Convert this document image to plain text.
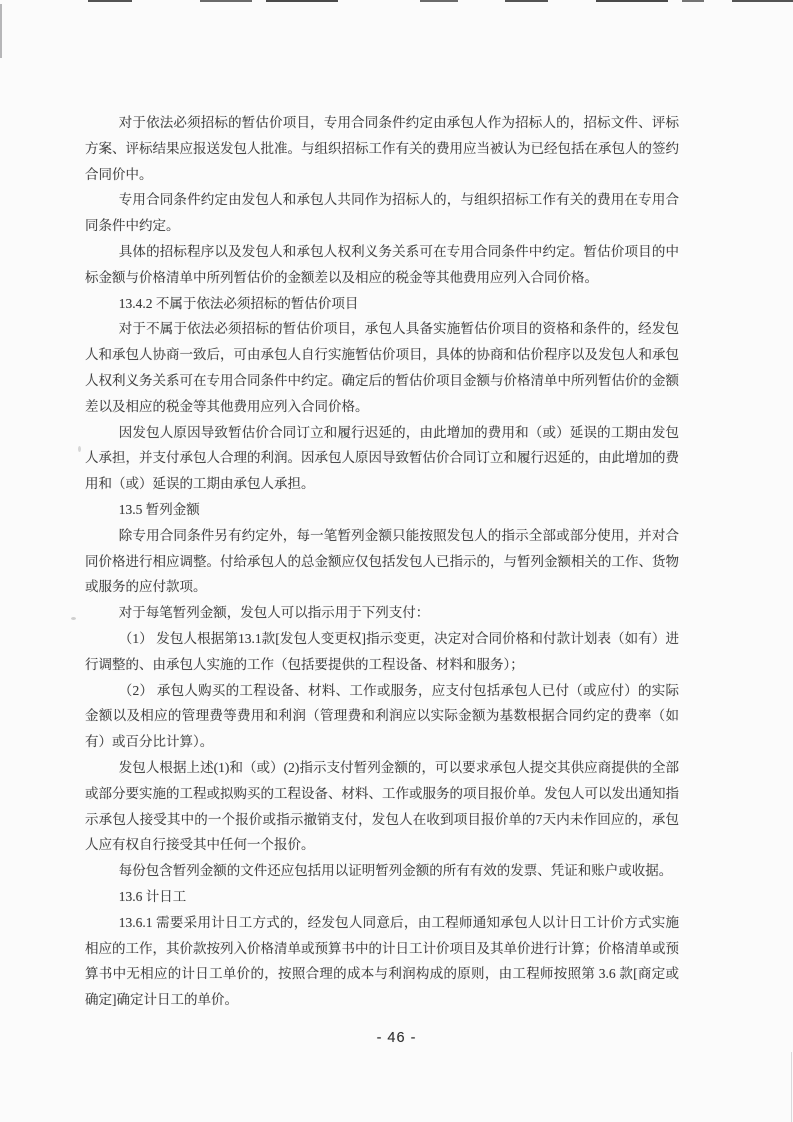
对于依法必须招标的暂估价项目，专用合同条件约定由承包人作为招标人的，招标文件、评标方案、评标结果应报送发包人批准。与组织招标工作有关的费用应当被认为已经包括在承包人的签约合同价中。

专用合同条件约定由发包人和承包人共同作为招标人的，与组织招标工作有关的费用在专用合同条件中约定。

具体的招标程序以及发包人和承包人权利义务关系可在专用合同条件中约定。暂估价项目的中标金额与价格清单中所列暂估价的金额差以及相应的税金等其他费用应列入合同价格。

13.4.2 不属于依法必须招标的暂估价项目

对于不属于依法必须招标的暂估价项目，承包人具备实施暂估价项目的资格和条件的，经发包人和承包人协商一致后，可由承包人自行实施暂估价项目，具体的协商和估价程序以及发包人和承包人权利义务关系可在专用合同条件中约定。确定后的暂估价项目金额与价格清单中所列暂估价的金额差以及相应的税金等其他费用应列入合同价格。

因发包人原因导致暂估价合同订立和履行迟延的，由此增加的费用和（或）延误的工期由发包人承担，并支付承包人合理的利润。因承包人原因导致暂估价合同订立和履行迟延的，由此增加的费用和（或）延误的工期由承包人承担。

13.5 暂列金额

除专用合同条件另有约定外，每一笔暂列金额只能按照发包人的指示全部或部分使用，并对合同价格进行相应调整。付给承包人的总金额应仅包括发包人已指示的，与暂列金额相关的工作、货物或服务的应付款项。

对于每笔暂列金额，发包人可以指示用于下列支付：

（1） 发包人根据第13.1款[发包人变更权]指示变更，决定对合同价格和付款计划表（如有）进行调整的、由承包人实施的工作（包括要提供的工程设备、材料和服务）；

（2） 承包人购买的工程设备、材料、工作或服务，应支付包括承包人已付（或应付）的实际金额以及相应的管理费等费用和利润（管理费和利润应以实际金额为基数根据合同约定的费率（如有）或百分比计算）。

发包人根据上述(1)和（或）(2)指示支付暂列金额的，可以要求承包人提交其供应商提供的全部或部分要实施的工程或拟购买的工程设备、材料、工作或服务的项目报价单。发包人可以发出通知指示承包人接受其中的一个报价或指示撤销支付，发包人在收到项目报价单的7天内未作回应的，承包人应有权自行接受其中任何一个报价。

每份包含暂列金额的文件还应包括用以证明暂列金额的所有有效的发票、凭证和账户或收据。

13.6 计日工

13.6.1 需要采用计日工方式的，经发包人同意后，由工程师通知承包人以计日工计价方式实施相应的工作，其价款按列入价格清单或预算书中的计日工计价项目及其单价进行计算；价格清单或预算书中无相应的计日工单价的，按照合理的成本与利润构成的原则，由工程师按照第 3.6 款[商定或确定]确定计日工的单价。

- 46 -
